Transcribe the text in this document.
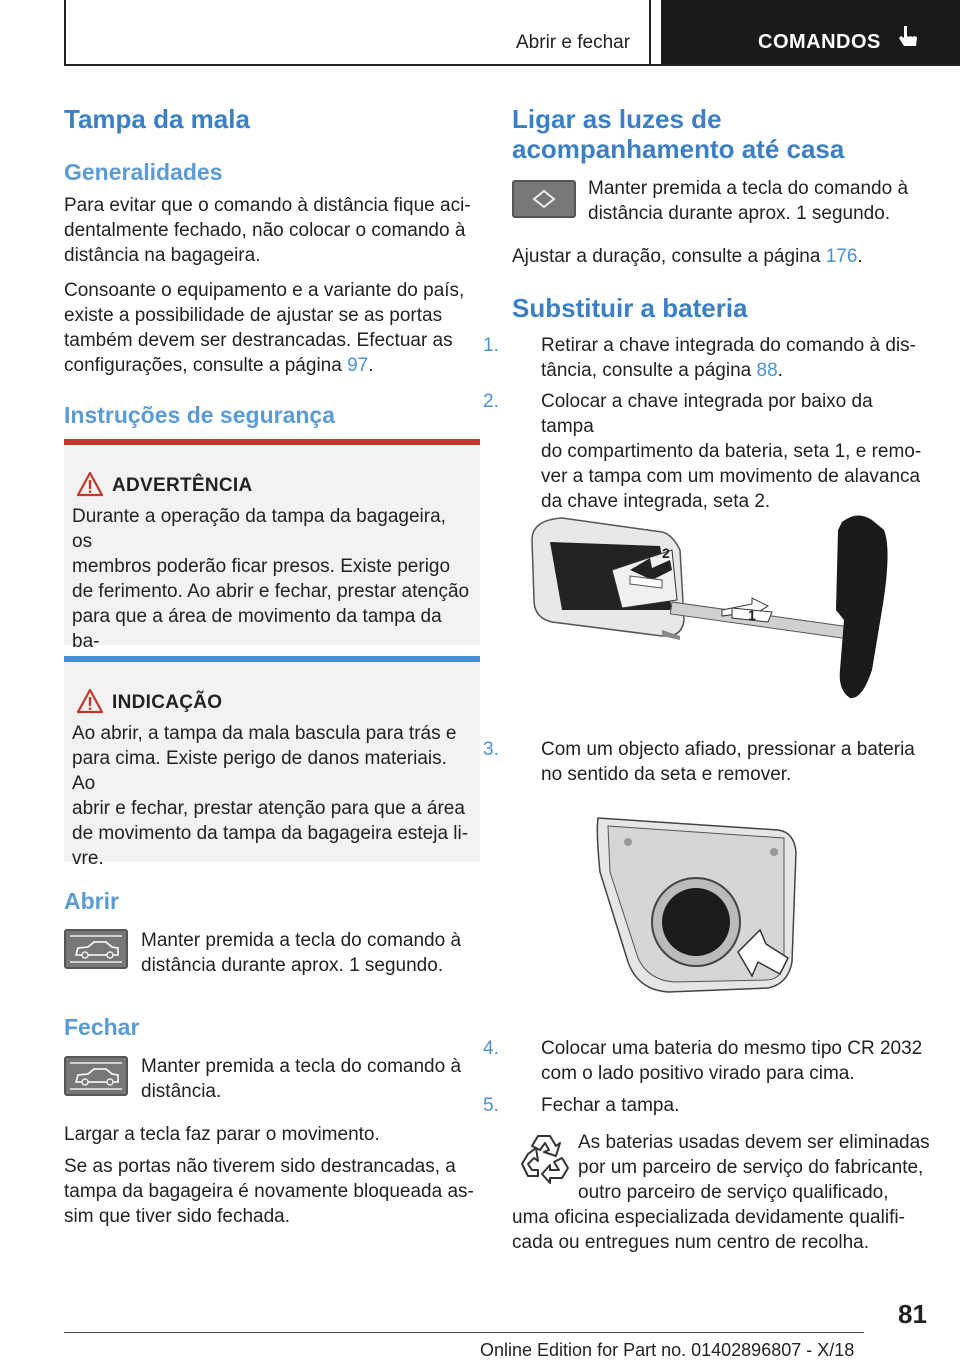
Abrir e fechar	COMANDOS
Tampa da mala
Generalidades

Para evitar que o comando à distância fique aci-
dentalmente fechado, não colocar o comando à
distância na bagageira.

Consoante o equipamento e a variante do país,
existe a possibilidade de ajustar se as portas
também devem ser destrancadas. Efectuar as
configurações, consulte a página 97.

Instruções de segurança
ADVERTÊNCIA
Durante a operação da tampa da bagageira, os
membros poderão ficar presos. Existe perigo
de ferimento. Ao abrir e fechar, prestar atenção
para que a área de movimento da tampa da ba-

INDICAÇÃO
Ao abrir, a tampa da mala bascula para trás e
para cima. Existe perigo de danos materiais. Ao
abrir e fechar, prestar atenção para que a área
de movimento da tampa da bagageira esteja li-
vre.
Abrir

Manter premida a tecla do comando à
distância durante aprox. 1 segundo.

Fechar

Manter premida a tecla do comando à
distância.

Largar a tecla faz parar o movimento.

Se as portas não tiverem sido destrancadas, a
tampa da bagageira é novamente bloqueada as-
sim que tiver sido fechada.

Ligar as luzes de
acompanhamento até casa

Manter premida a tecla do comando à
distância durante aprox. 1 segundo.

Ajustar a duração, consulte a página 176.

Substituir a bateria

1. Retirar a chave integrada do comando à dis-
tância, consulte a página 88.

2. Colocar a chave integrada por baixo da tampa
do compartimento da bateria, seta 1, e remo-
ver a tampa com um movimento de alavanca
da chave integrada, seta 2.

2
1

3. Com um objecto afiado, pressionar a bateria
no sentido da seta e remover.

4. Colocar uma bateria do mesmo tipo CR 2032
com o lado positivo virado para cima.

5. Fechar a tampa.

As baterias usadas devem ser eliminadas
por um parceiro de serviço do fabricante,
outro parceiro de serviço qualificado,

uma oficina especializada devidamente qualifi-
cada ou entregues num centro de recolha.

81
Online Edition for Part no. 01402896807 - X/18
